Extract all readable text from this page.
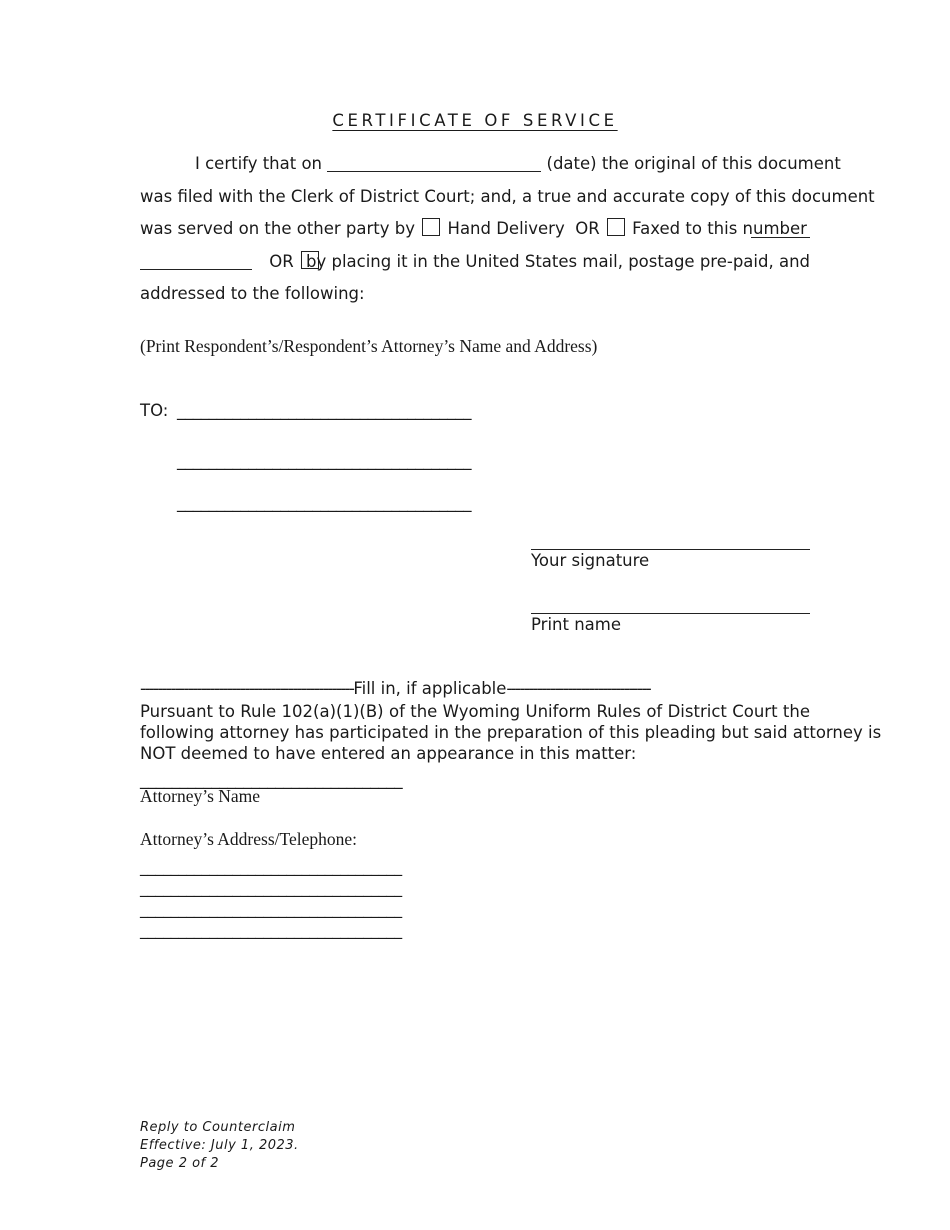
CERTIFICATE OF SERVICE
I certify that on	(date) the original of this document
was filed with the Clerk of District Court; and, a true and accurate copy of this document
was served on the other party by Hand Delivery OR Faxed to this number
OR by placing it in the United States mail, postage pre-paid, and
addressed to the following:
(Print Respondent’s/Respondent’s Attorney’s Name and Address)
TO: _____________________________________
_____________________________________
_____________________________________
Your signature
Print name
-------------------------------------------------Fill in, if applicable---------------------------------
Pursuant to Rule 102(a)(1)(B) of the Wyoming Uniform Rules of District Court the
following attorney has participated in the preparation of this pleading but said attorney is
NOT deemed to have entered an appearance in this matter:
_________________________________
Attorney’s Name
Attorney’s Address/Telephone:
__________________________________
__________________________________
__________________________________
__________________________________
Reply to Counterclaim
Effective: July 1, 2023.
Page 2 of 2
